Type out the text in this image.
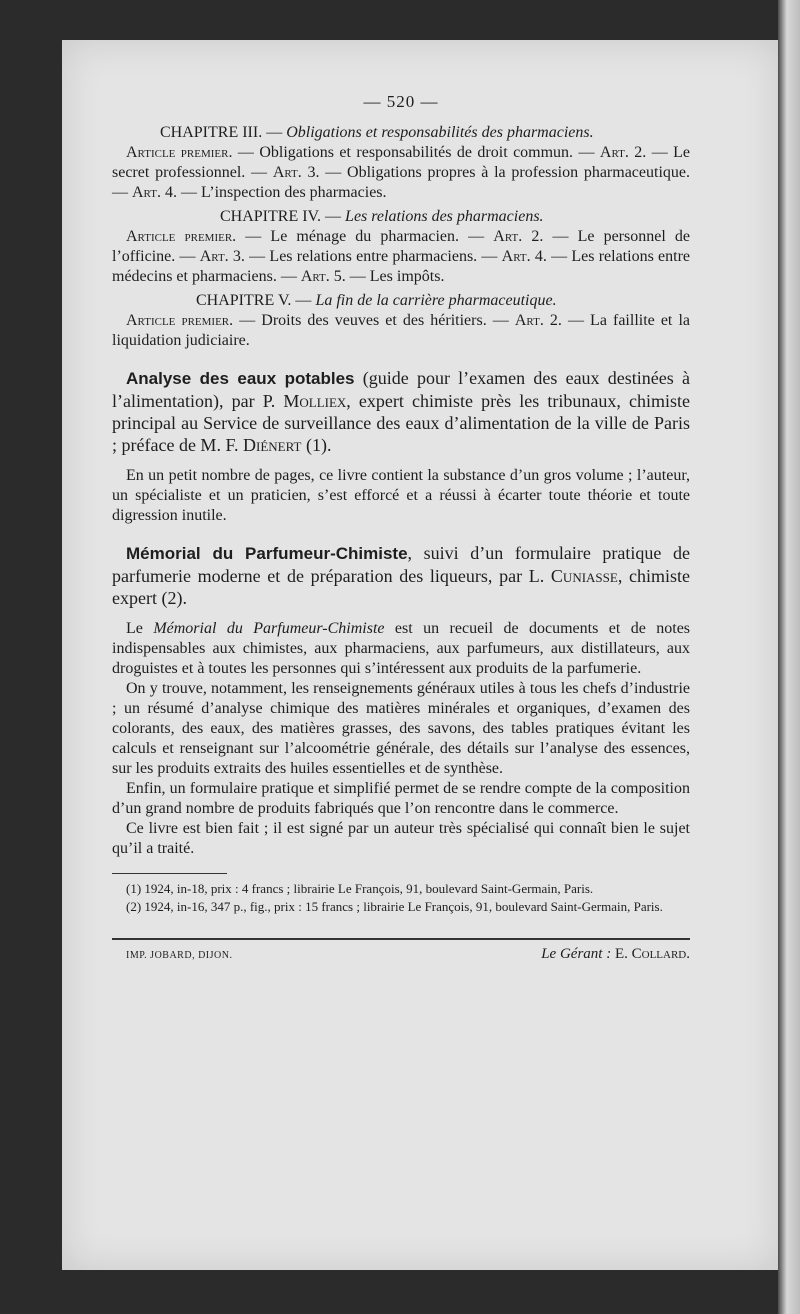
— 520 —

CHAPITRE III. — Obligations et responsabilités des pharmaciens.

Article premier. — Obligations et responsabilités de droit commun. — Art. 2. — Le secret professionnel. — Art. 3. — Obligations propres à la profession pharmaceutique. — Art. 4. — L’inspection des pharmacies.

CHAPITRE IV. — Les relations des pharmaciens.

Article premier. — Le ménage du pharmacien. — Art. 2. — Le personnel de l’officine. — Art. 3. — Les relations entre pharmaciens. — Art. 4. — Les relations entre médecins et pharmaciens. — Art. 5. — Les impôts.

CHAPITRE V. — La fin de la carrière pharmaceutique.

Article premier. — Droits des veuves et des héritiers. — Art. 2. — La faillite et la liquidation judiciaire.

Analyse des eaux potables (guide pour l’examen des eaux destinées à l’alimentation), par P. Molliex, expert chimiste près les tribunaux, chimiste principal au Service de surveillance des eaux d’alimentation de la ville de Paris ; préface de M. F. Diénert (1).

En un petit nombre de pages, ce livre contient la substance d’un gros volume ; l’auteur, un spécialiste et un praticien, s’est efforcé et a réussi à écarter toute théorie et toute digression inutile.

Mémorial du Parfumeur-Chimiste, suivi d’un formulaire pratique de parfumerie moderne et de préparation des liqueurs, par L. Cuniasse, chimiste expert (2).

Le Mémorial du Parfumeur-Chimiste est un recueil de documents et de notes indispensables aux chimistes, aux pharmaciens, aux parfumeurs, aux distillateurs, aux droguistes et à toutes les personnes qui s’intéressent aux produits de la parfumerie.

On y trouve, notamment, les renseignements généraux utiles à tous les chefs d’industrie ; un résumé d’analyse chimique des matières minérales et organiques, d’examen des colorants, des eaux, des matières grasses, des savons, des tables pratiques évitant les calculs et renseignant sur l’alcoométrie générale, des détails sur l’analyse des essences, sur les produits extraits des huiles essentielles et de synthèse.

Enfin, un formulaire pratique et simplifié permet de se rendre compte de la composition d’un grand nombre de produits fabriqués que l’on rencontre dans le commerce.

Ce livre est bien fait ; il est signé par un auteur très spécialisé qui connaît bien le sujet qu’il a traité.

(1) 1924, in-18, prix : 4 francs ; librairie Le François, 91, boulevard Saint-Germain, Paris.

(2) 1924, in-16, 347 p., fig., prix : 15 francs ; librairie Le François, 91, boulevard Saint-Germain, Paris.

IMP. JOBARD, DIJON.	Le Gérant : E. Collard.
